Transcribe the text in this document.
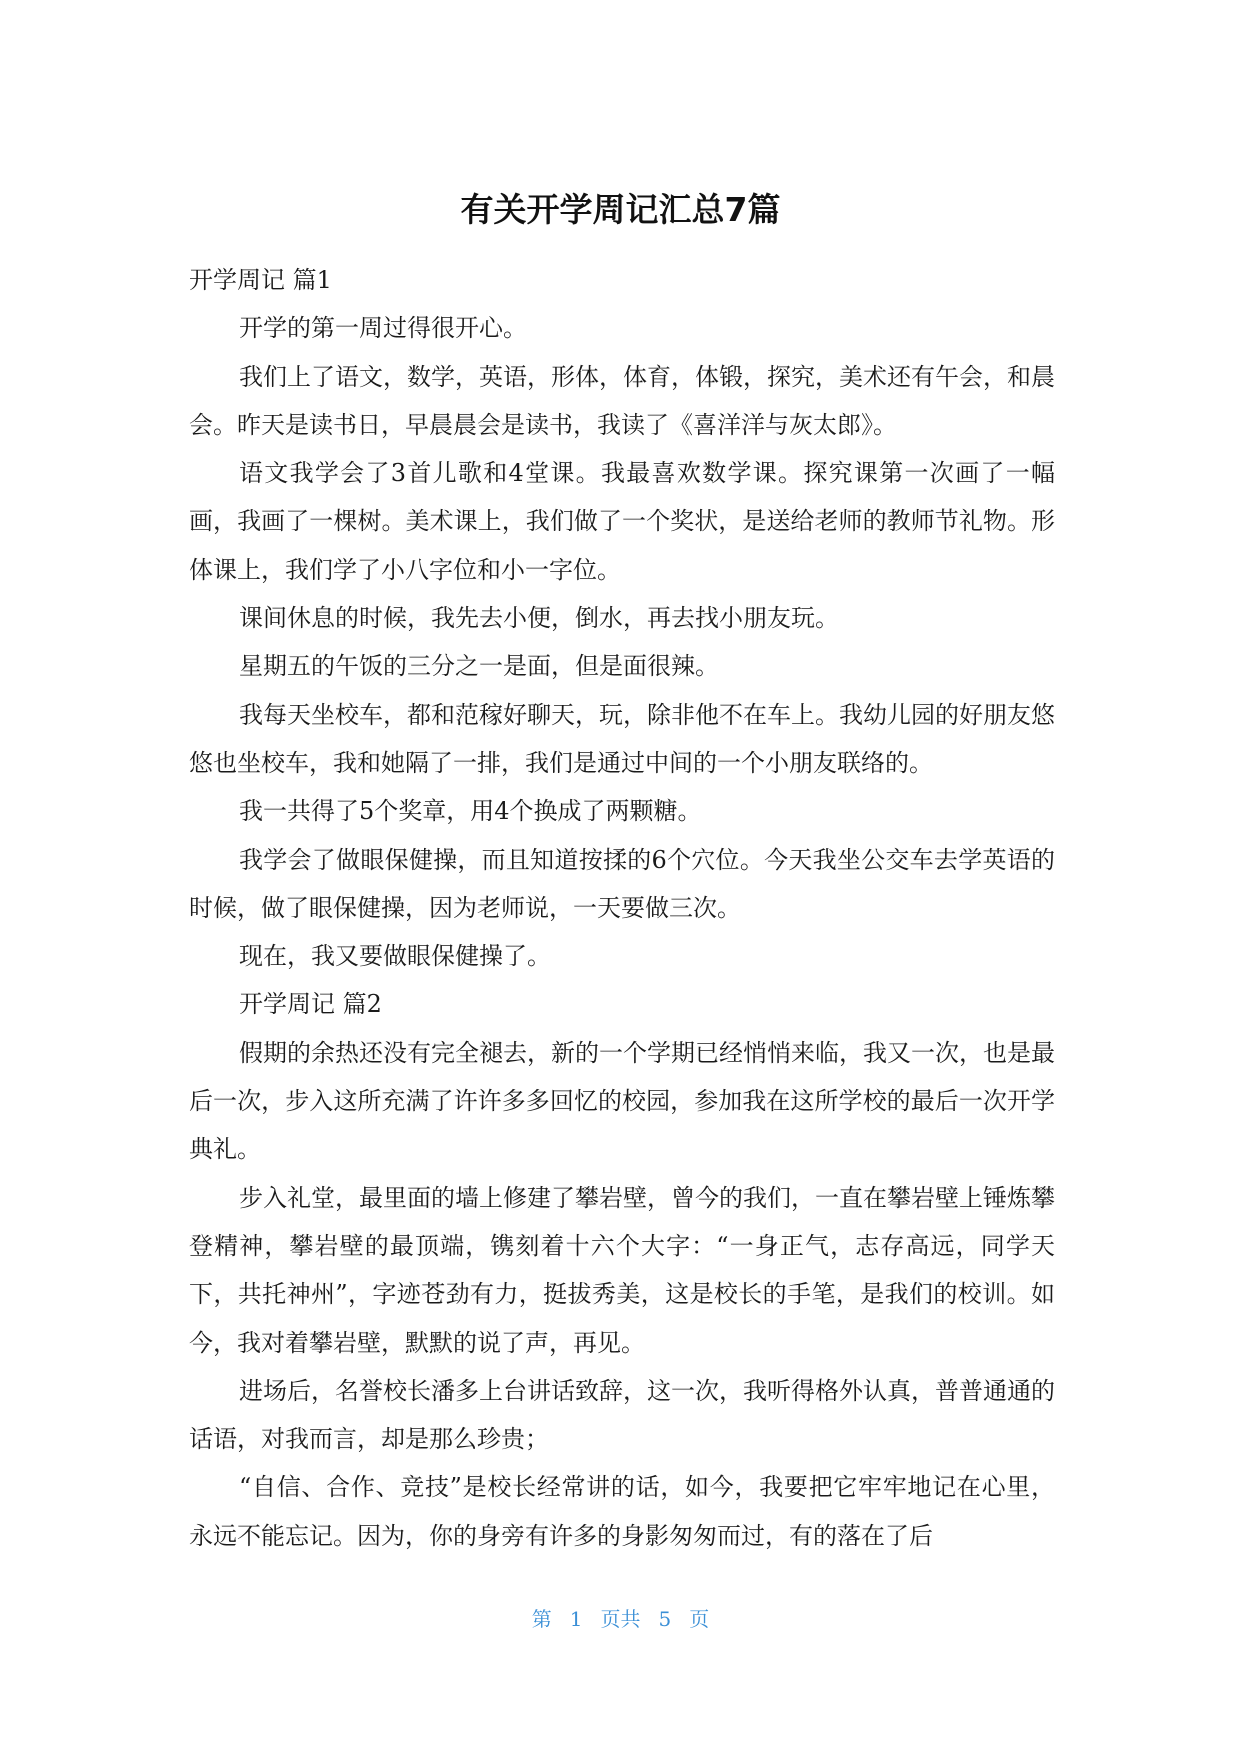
有关开学周记汇总7篇

开学周记 篇1

开学的第一周过得很开心。

我们上了语文，数学，英语，形体，体育，体锻，探究，美术还有午会，和晨会。昨天是读书日，早晨晨会是读书，我读了《喜洋洋与灰太郎》。

语文我学会了3首儿歌和4堂课。我最喜欢数学课。探究课第一次画了一幅画，我画了一棵树。美术课上，我们做了一个奖状，是送给老师的教师节礼物。形体课上，我们学了小八字位和小一字位。

课间休息的时候，我先去小便，倒水，再去找小朋友玩。

星期五的午饭的三分之一是面，但是面很辣。

我每天坐校车，都和范稼好聊天，玩，除非他不在车上。我幼儿园的好朋友悠悠也坐校车，我和她隔了一排，我们是通过中间的一个小朋友联络的。

我一共得了5个奖章，用4个换成了两颗糖。

我学会了做眼保健操，而且知道按揉的6个穴位。今天我坐公交车去学英语的时候，做了眼保健操，因为老师说，一天要做三次。

现在，我又要做眼保健操了。

开学周记 篇2

假期的余热还没有完全褪去，新的一个学期已经悄悄来临，我又一次，也是最后一次，步入这所充满了许许多多回忆的校园，参加我在这所学校的最后一次开学典礼。

步入礼堂，最里面的墙上修建了攀岩壁，曾今的我们，一直在攀岩壁上锤炼攀登精神，攀岩壁的最顶端，镌刻着十六个大字：“一身正气，志存高远，同学天下，共托神州”，字迹苍劲有力，挺拔秀美，这是校长的手笔，是我们的校训。如今，我对着攀岩壁，默默的说了声，再见。

进场后，名誉校长潘多上台讲话致辞，这一次，我听得格外认真，普普通通的话语，对我而言，却是那么珍贵；

“自信、合作、竞技”是校长经常讲的话，如今，我要把它牢牢地记在心里，永远不能忘记。因为，你的身旁有许多的身影匆匆而过，有的落在了后

第 1 页共 5 页
